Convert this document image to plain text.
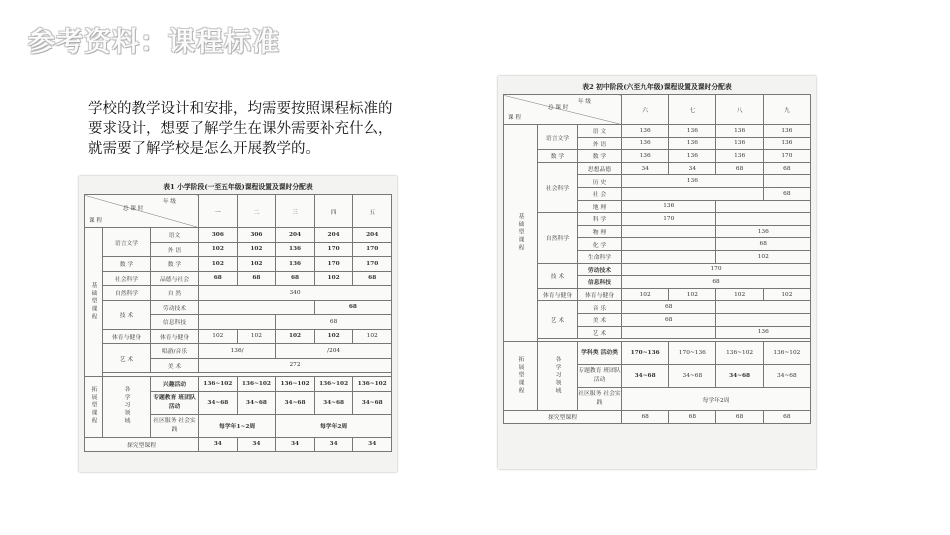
参考资料：课程标准
学校的教学设计和安排，均需要按照课程标准的要求设计，想要了解学生在课外需要补充什么，就需要了解学校是怎么开展教学的。
表1 小学阶段(一至五年级)课程设置及课时分配表
年 级
总 课 时
课 程			一	二	三	四	五
基础型课程	语言文学	语文	306	306	204	204	204
		外 语	102	102	136	170	170
	数 学	数 学	102	102	136	170	170
	社会科学	品德与社会	68	68	68	102	68
	自然科学	自 然	340				
	技 术	劳动技术				68	
		信息科技			68		
	体育与健身	体育与健身	102	102	102	102	102
	艺 术	唱游/音乐	136/		/204		
		美 术	272				

拓展型课程	各学习领域	兴趣活动	136~102	136~102	136~102	136~102	136~102
		专题教育 班团队活动	34~68	34~68	34~68	34~68	34~68
		社区服务 社会实践	每学年1~2周		每学年2周		
探究型课程			34	34	34	34	34
表2 初中阶段(六至九年级)课程设置及课时分配表
年 级
总 课 时
课 程			六	七	八	九
基础型课程	语言文学	语 文	136	136	136	136
		外 语	136	136	136	136
	数 学	数 学	136	136	136	170
	社会科学	思想品德	34	34	68	68
		历 史	136			
		社 会				68
		地 理	136			
	自然科学	科 学	170			
		物 理			136	
		化 学			68	
		生命科学			102	
	技 术	劳动技术	170			
		信息科技	68			
	体育与健身	体育与健身	102	102	102	102
	艺 术	音 乐	68			
		美 术	68			
		艺 术			136	

拓展型课程	各学习领域	学科类 活动类	170~136	170~136	136~102	136~102
		专题教育 班团队活动	34~68	34~68	34~68	34~68
		社区服务 社会实践	每学年2周			
探究型课程			68	68	68	68
